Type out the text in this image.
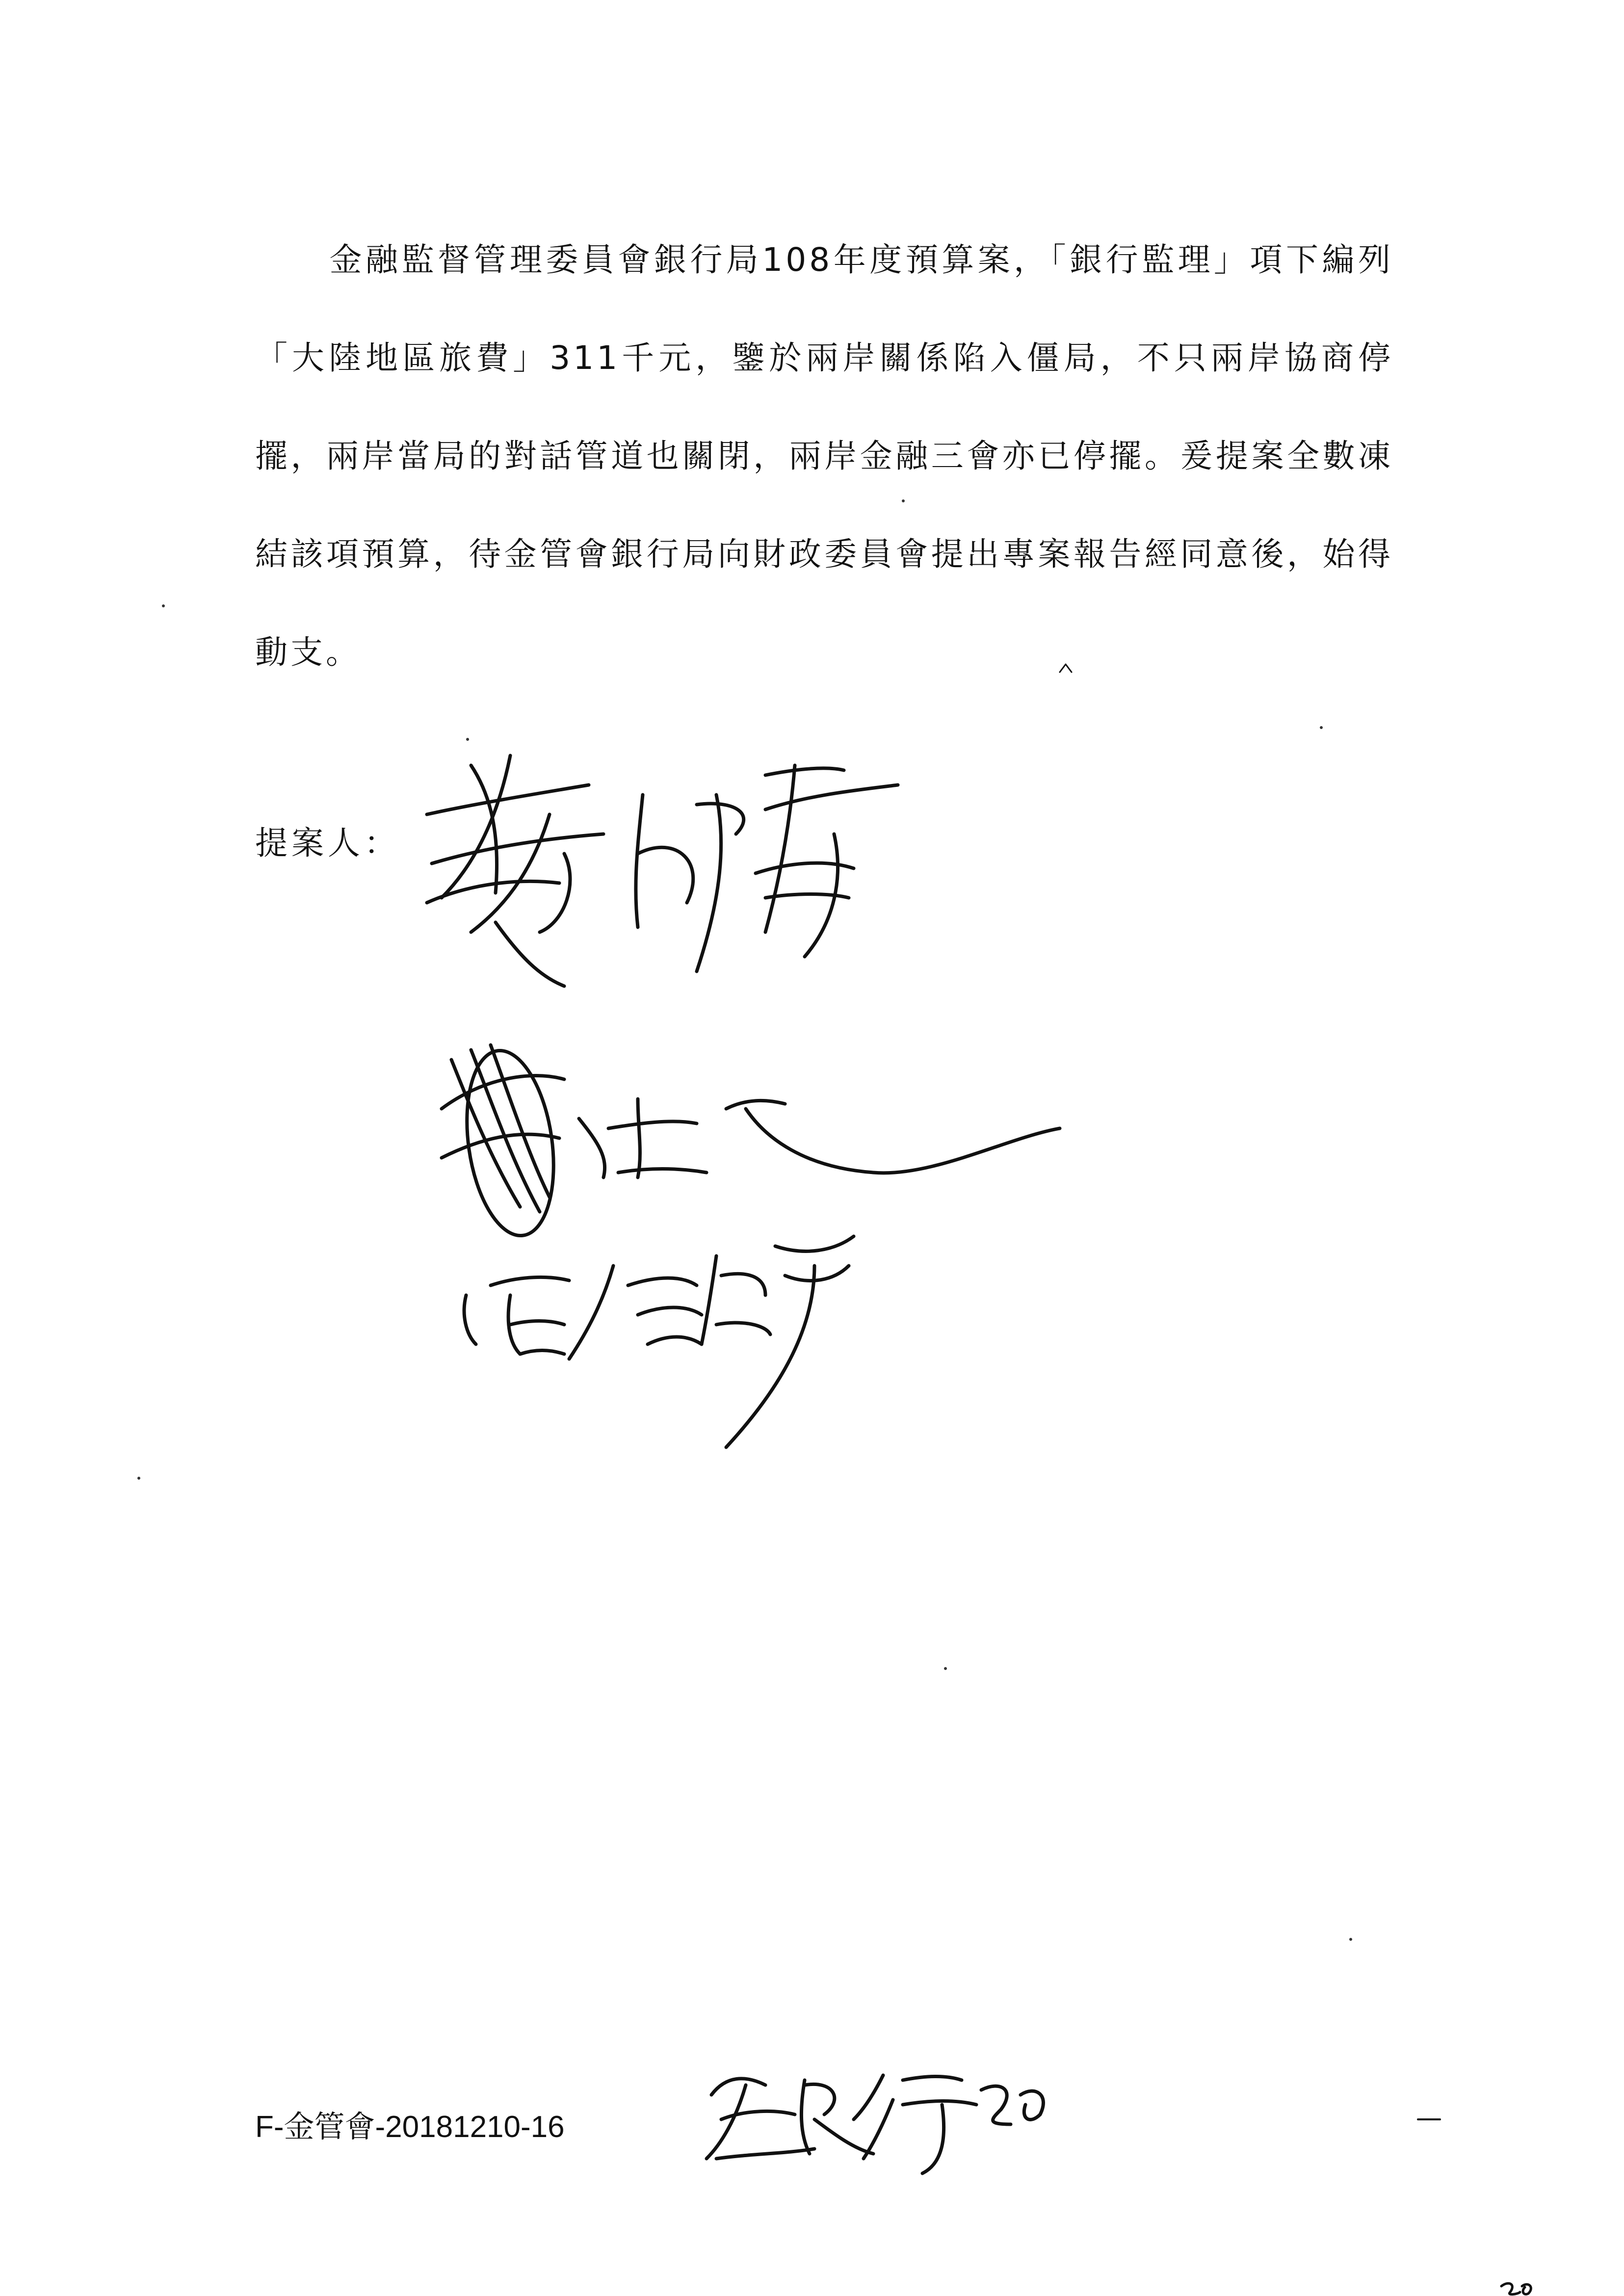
金融監督管理委員會銀行局108年度預算案，「銀行監理」項下編列「大陸地區旅費」311千元，鑒於兩岸關係陷入僵局，不只兩岸協商停擺，兩岸當局的對話管道也關閉，兩岸金融三會亦已停擺。爰提案全數凍結該項預算，待金管會銀行局向財政委員會提出專案報告經同意後，始得動支。

提案人：
F-金管會-20181210-16
